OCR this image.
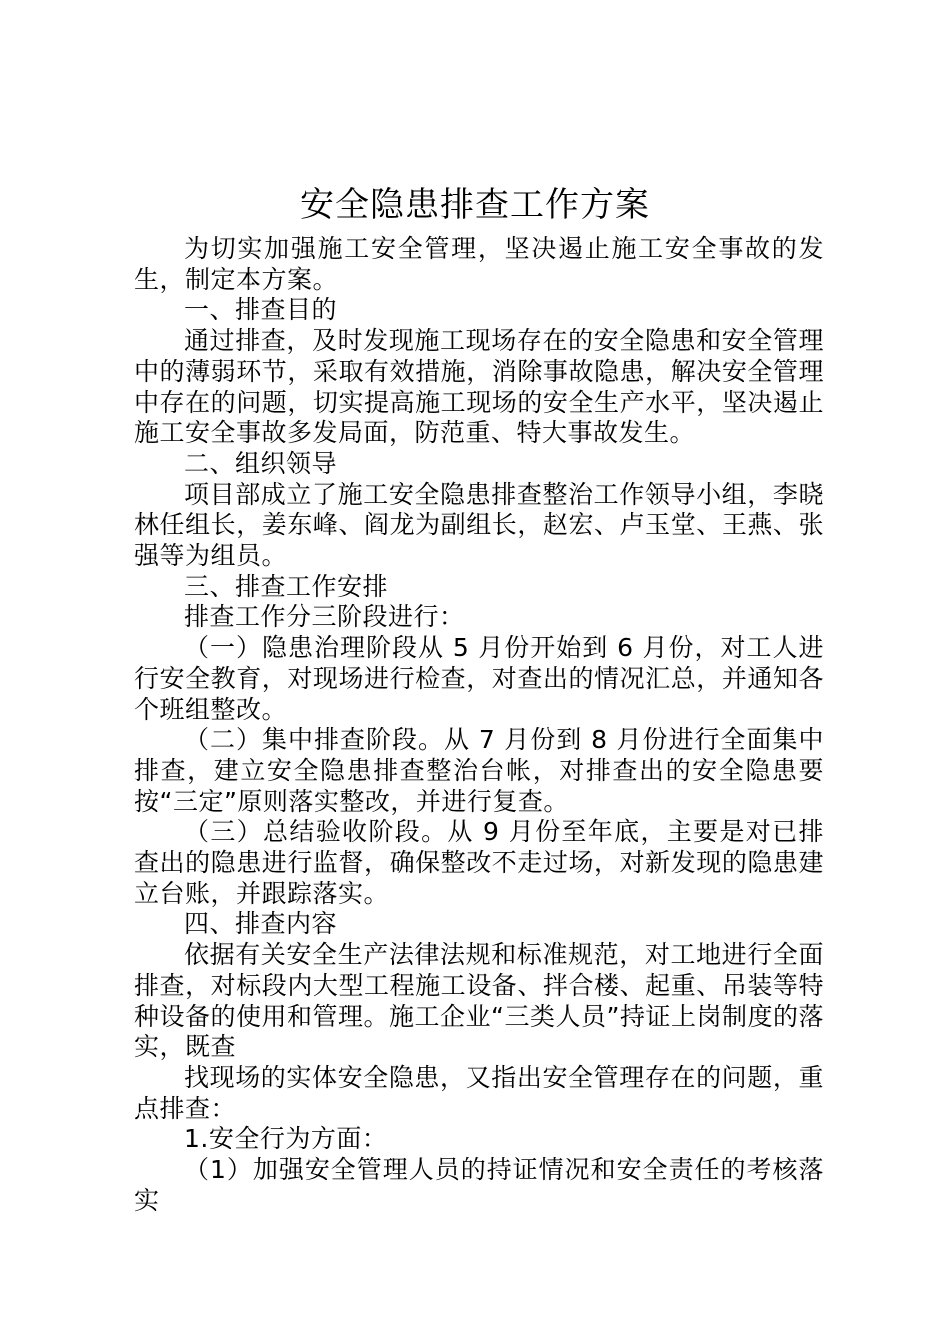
安全隐患排查工作方案

为切实加强施工安全管理，坚决遏止施工安全事故的发生，制定本方案。

一、排查目的

通过排查，及时发现施工现场存在的安全隐患和安全管理中的薄弱环节，采取有效措施，消除事故隐患，解决安全管理中存在的问题，切实提高施工现场的安全生产水平，坚决遏止施工安全事故多发局面，防范重、特大事故发生。

二、组织领导

项目部成立了施工安全隐患排查整治工作领导小组，李晓林任组长，姜东峰、阎龙为副组长，赵宏、卢玉堂、王燕、张强等为组员。

三、排查工作安排

排查工作分三阶段进行：

（一）隐患治理阶段从 5 月份开始到 6 月份，对工人进行安全教育，对现场进行检查，对查出的情况汇总，并通知各个班组整改。

（二）集中排查阶段。从 7 月份到 8 月份进行全面集中排查，建立安全隐患排查整治台帐，对排查出的安全隐患要按“三定”原则落实整改，并进行复查。

（三）总结验收阶段。从 9 月份至年底，主要是对已排查出的隐患进行监督，确保整改不走过场，对新发现的隐患建立台账，并跟踪落实。

四、排查内容

依据有关安全生产法律法规和标准规范，对工地进行全面排查，对标段内大型工程施工设备、拌合楼、起重、吊装等特种设备的使用和管理。施工企业“三类人员”持证上岗制度的落实，既查

找现场的实体安全隐患，又指出安全管理存在的问题，重点排查：

1.安全行为方面：

（1）加强安全管理人员的持证情况和安全责任的考核落实
